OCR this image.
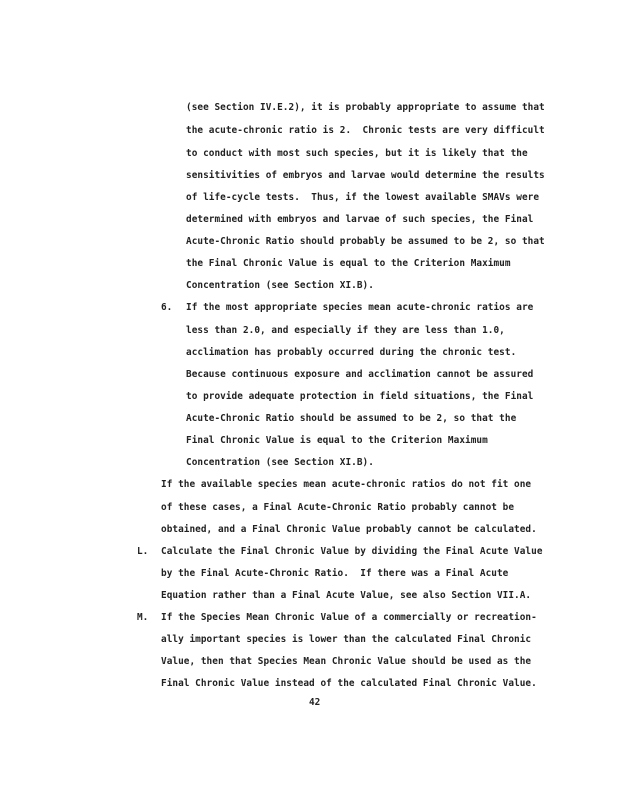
(see Section IV.E.2), it is probably appropriate to assume that
the acute-chronic ratio is 2.  Chronic tests are very difficult
to conduct with most such species, but it is likely that the
sensitivities of embryos and larvae would determine the results
of life-cycle tests.  Thus, if the lowest available SMAVs were
determined with embryos and larvae of such species, the Final
Acute-Chronic Ratio should probably be assumed to be 2, so that
the Final Chronic Value is equal to the Criterion Maximum
Concentration (see Section XI.B).
6. If the most appropriate species mean acute-chronic ratios are
less than 2.0, and especially if they are less than 1.0,
acclimation has probably occurred during the chronic test.
Because continuous exposure and acclimation cannot be assured
to provide adequate protection in field situations, the Final
Acute-Chronic Ratio should be assumed to be 2, so that the
Final Chronic Value is equal to the Criterion Maximum
Concentration (see Section XI.B).
If the available species mean acute-chronic ratios do not fit one
of these cases, a Final Acute-Chronic Ratio probably cannot be
obtained, and a Final Chronic Value probably cannot be calculated.
L. Calculate the Final Chronic Value by dividing the Final Acute Value
by the Final Acute-Chronic Ratio.  If there was a Final Acute
Equation rather than a Final Acute Value, see also Section VII.A.
M. If the Species Mean Chronic Value of a commercially or recreation-
ally important species is lower than the calculated Final Chronic
Value, then that Species Mean Chronic Value should be used as the
Final Chronic Value instead of the calculated Final Chronic Value.
42
